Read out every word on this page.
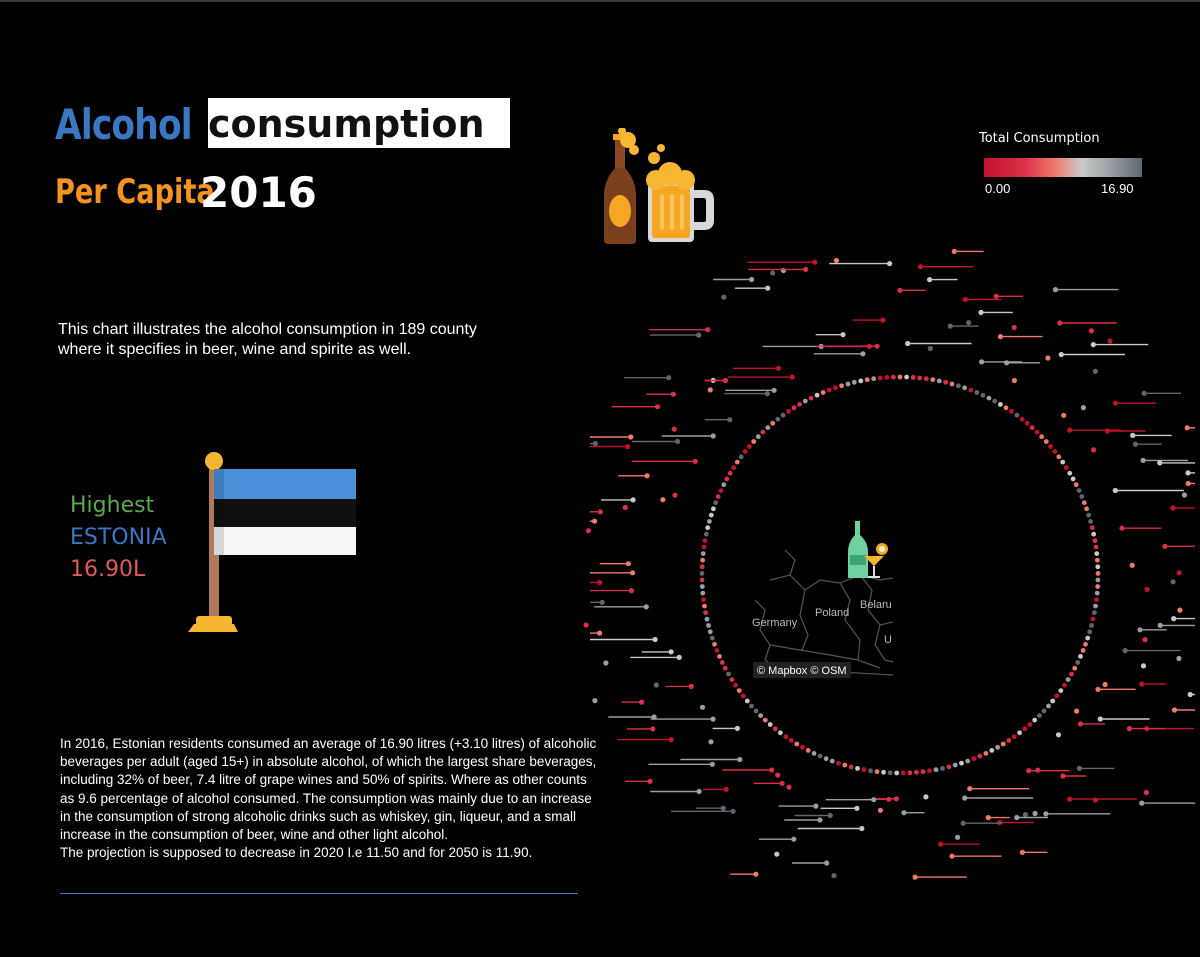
Alcohol consumption
Per Capita
2016
Total Consumption
0.00	16.90
This chart illustrates the alcohol consumption in 189 county where it specifies in beer, wine and spirite as well.
Highest
ESTONIA
16.90L
In 2016, Estonian residents consumed an average of 16.90 litres (+3.10 litres) of alcoholic beverages per adult (aged 15+) in absolute alcohol, of which the largest share beverages, including 32% of beer, 7.4 litre of grape wines and 50% of spirits. Where as other counts as 9.6 percentage of alcohol consumed. The consumption was mainly due to an increase in the consumption of strong alcoholic drinks such as whiskey, gin, liqueur, and a small increase in the consumption of beer, wine and other light alcohol.
The projection is supposed to decrease in 2020 I.e 11.50 and for 2050 is 11.90.
Poland
Germany
Belaru
U
© Mapbox © OSM
